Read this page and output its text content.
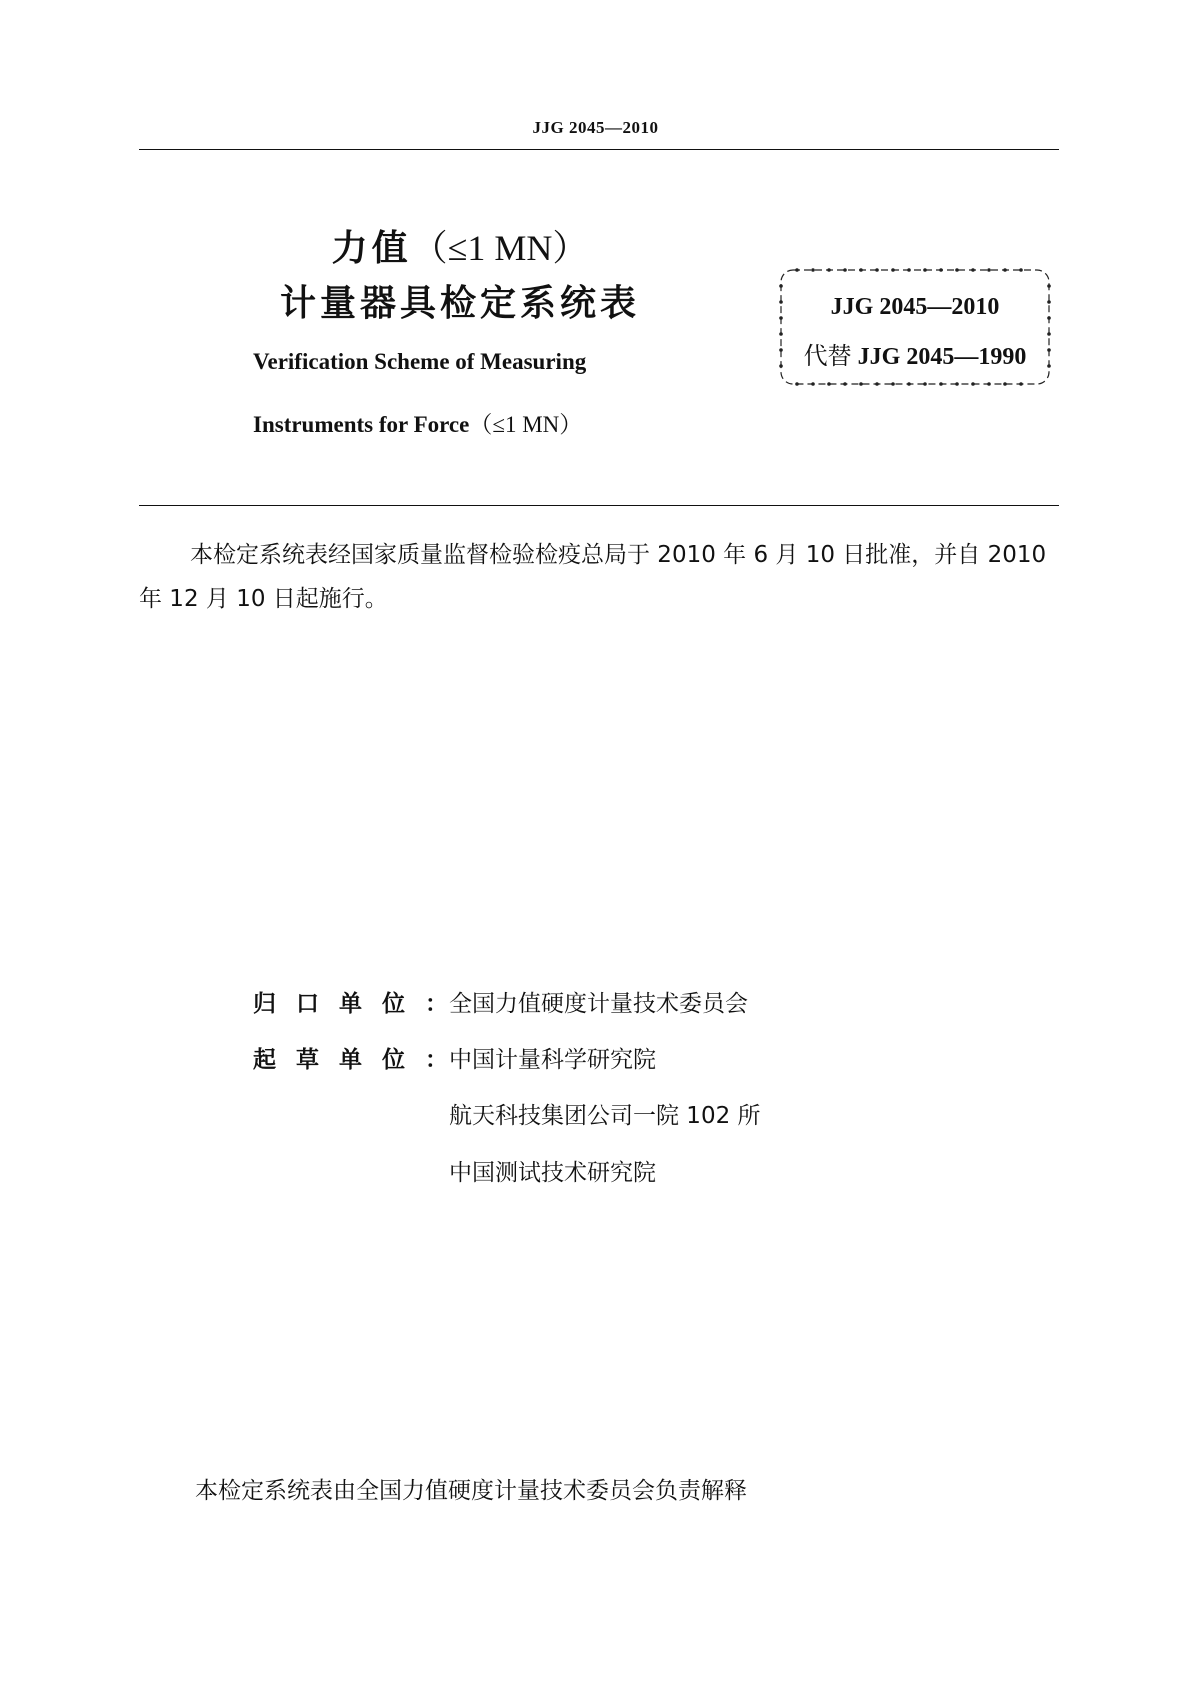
JJG 2045—2010
力值（≤1 MN）
计量器具检定系统表
Verification Scheme of Measuring
Instruments for Force（≤1 MN）
JJG 2045—2010
代替 JJG 2045—1990
本检定系统表经国家质量监督检验检疫总局于 2010 年 6 月 10 日批准，并自 2010 年 12 月 10 日起施行。
归口单位：全国力值硬度计量技术委员会
起草单位：中国计量科学研究院
航天科技集团公司一院 102 所
中国测试技术研究院
本检定系统表由全国力值硬度计量技术委员会负责解释
